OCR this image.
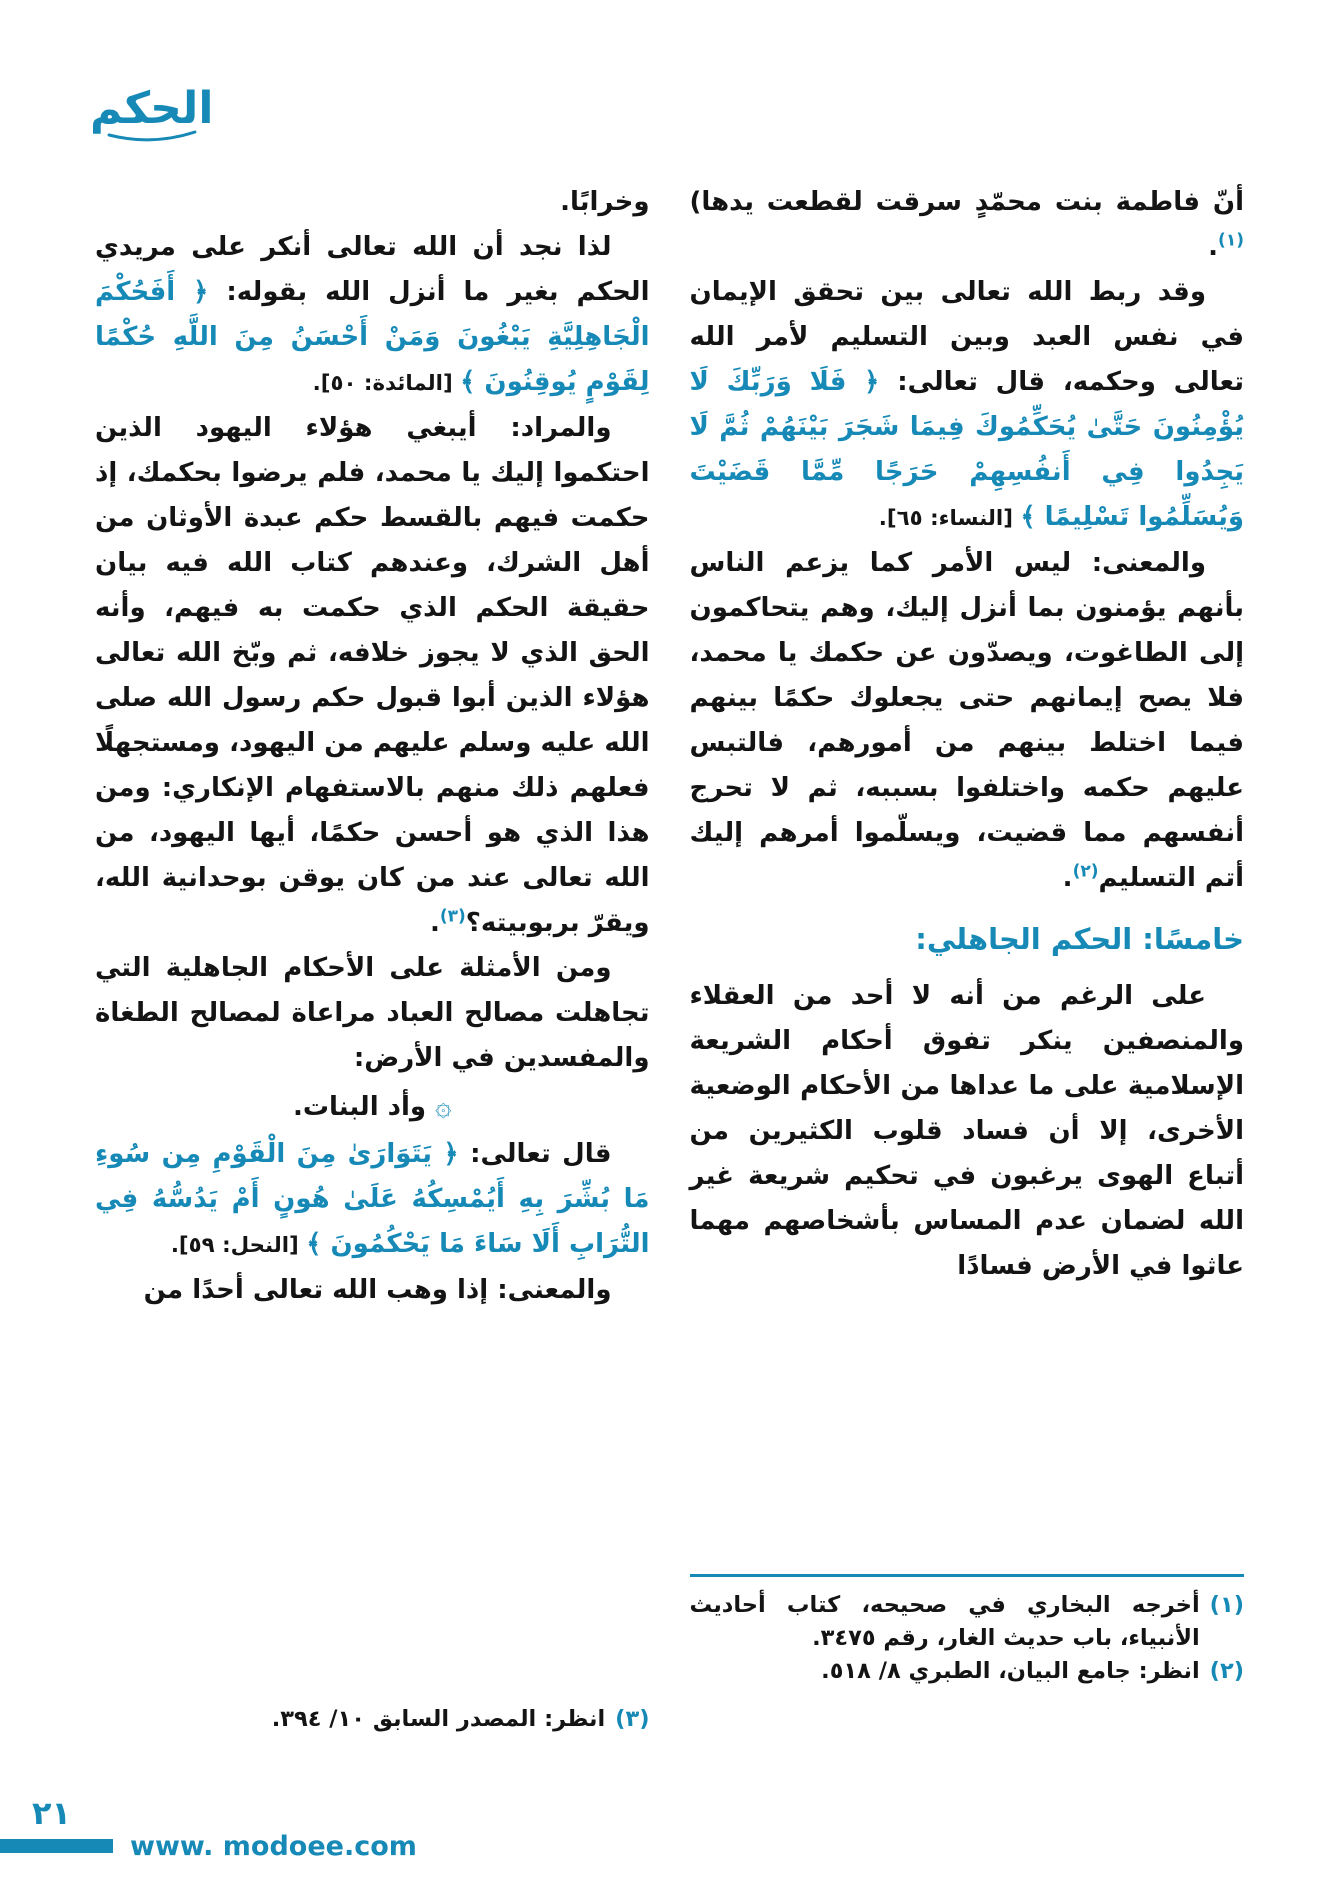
الحكم

أنّ فاطمة بنت محمّدٍ سرقت لقطعت يدها)$^{(١)}$.

وقد ربط الله تعالى بين تحقق الإيمان في نفس العبد وبين التسليم لأمر الله تعالى وحكمه، قال تعالى: ﴿ فَلَا وَرَبِّكَ لَا يُؤْمِنُونَ حَتَّىٰ يُحَكِّمُوكَ فِيمَا شَجَرَ بَيْنَهُمْ ثُمَّ لَا يَجِدُوا فِي أَنفُسِهِمْ حَرَجًا مِّمَّا قَضَيْتَ وَيُسَلِّمُوا تَسْلِيمًا ﴾ [النساء: ٦٥].

والمعنى: ليس الأمر كما يزعم الناس بأنهم يؤمنون بما أنزل إليك، وهم يتحاكمون إلى الطاغوت، ويصدّون عن حكمك يا محمد، فلا يصح إيمانهم حتى يجعلوك حكمًا بينهم فيما اختلط بينهم من أمورهم، فالتبس عليهم حكمه واختلفوا بسببه، ثم لا تحرج أنفسهم مما قضيت، ويسلّموا أمرهم إليك أتم التسليم$^{(٢)}$.

خامسًا: الحكم الجاهلي:

على الرغم من أنه لا أحد من العقلاء والمنصفين ينكر تفوق أحكام الشريعة الإسلامية على ما عداها من الأحكام الوضعية الأخرى، إلا أن فساد قلوب الكثيرين من أتباع الهوى يرغبون في تحكيم شريعة غير الله لضمان عدم المساس بأشخاصهم مهما عاثوا في الأرض فسادًا

(١)
أخرجه البخاري في صحيحه، كتاب أحاديث الأنبياء، باب حديث الغار، رقم ٣٤٧٥.
(٢)
انظر: جامع البيان، الطبري ٨/ ٥١٨.

وخرابًا.

لذا نجد أن الله تعالى أنكر على مريدي الحكم بغير ما أنزل الله بقوله: ﴿ أَفَحُكْمَ الْجَاهِلِيَّةِ يَبْغُونَ وَمَنْ أَحْسَنُ مِنَ اللَّهِ حُكْمًا لِقَوْمٍ يُوقِنُونَ ﴾ [المائدة: ٥٠].

والمراد: أيبغي هؤلاء اليهود الذين احتكموا إليك يا محمد، فلم يرضوا بحكمك، إذ حكمت فيهم بالقسط حكم عبدة الأوثان من أهل الشرك، وعندهم كتاب الله فيه بيان حقيقة الحكم الذي حكمت به فيهم، وأنه الحق الذي لا يجوز خلافه، ثم وبّخ الله تعالى هؤلاء الذين أبوا قبول حكم رسول الله صلى الله عليه وسلم عليهم من اليهود، ومستجهلًا فعلهم ذلك منهم بالاستفهام الإنكاري: ومن هذا الذي هو أحسن حكمًا، أيها اليهود، من الله تعالى عند من كان يوقن بوحدانية الله، ويقرّ بربوبيته؟$^{(٣)}$.

ومن الأمثلة على الأحكام الجاهلية التي تجاهلت مصالح العباد مراعاة لمصالح الطغاة والمفسدين في الأرض:

۞ وأد البنات.

قال تعالى: ﴿ يَتَوَارَىٰ مِنَ الْقَوْمِ مِن سُوءِ مَا بُشِّرَ بِهِ أَيُمْسِكُهُ عَلَىٰ هُونٍ أَمْ يَدُسُّهُ فِي التُّرَابِ أَلَا سَاءَ مَا يَحْكُمُونَ ﴾ [النحل: ٥٩].

والمعنى: إذا وهب الله تعالى أحدًا من

(٣)
انظر: المصدر السابق ١٠/ ٣٩٤.
٢١
www. modoee.com
